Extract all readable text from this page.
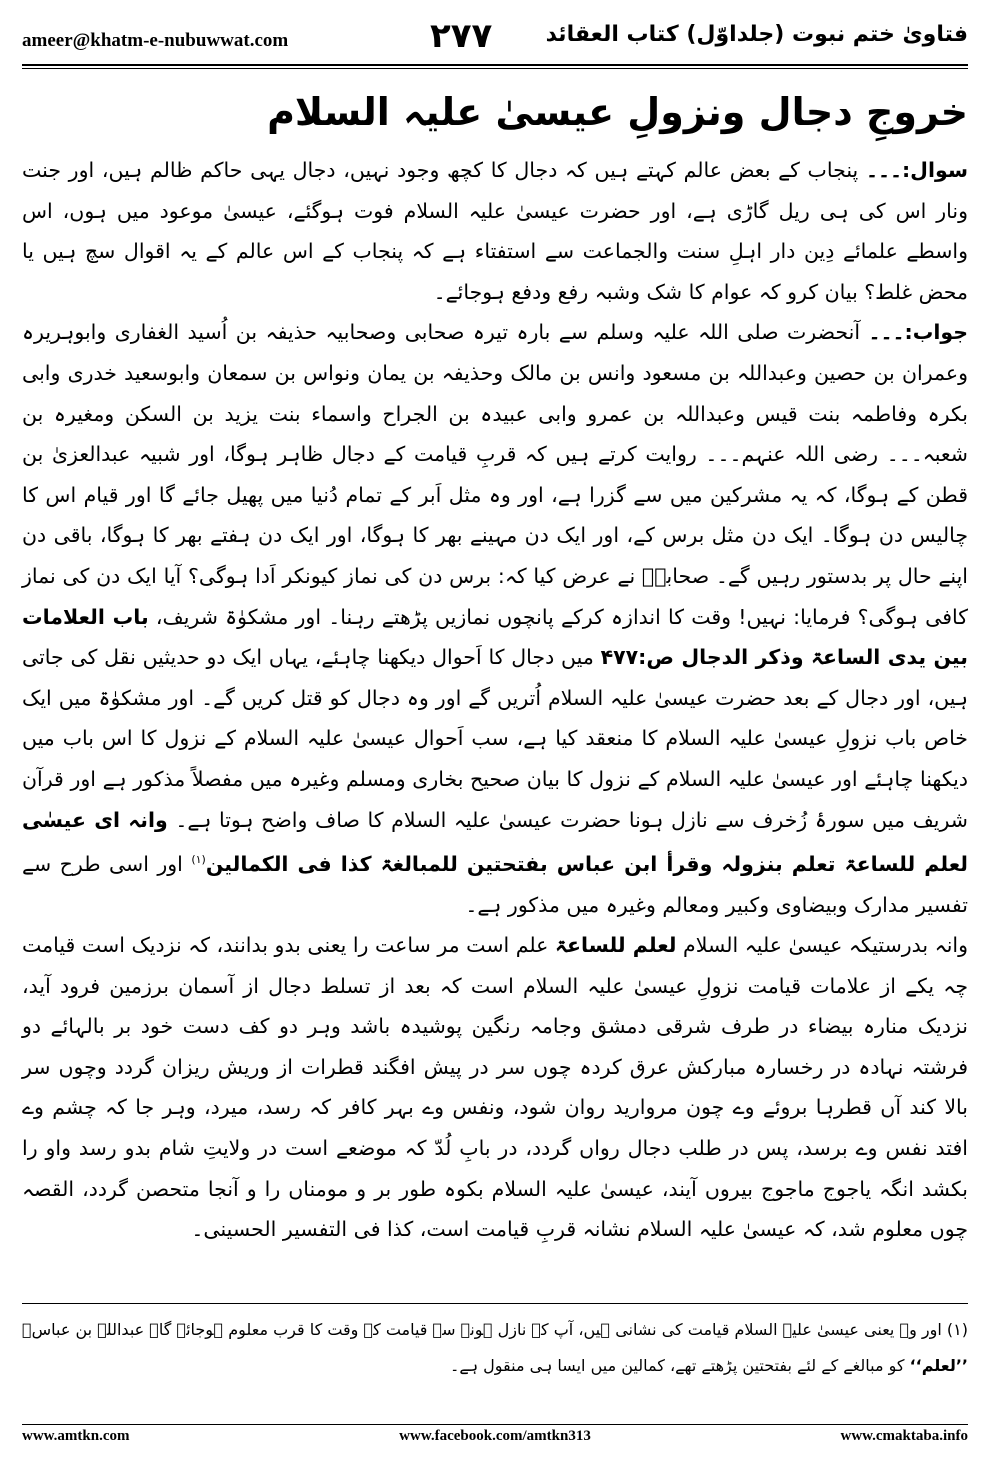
ameer@khatm-e-nubuwwat.com	۲۷۷ فتاویٰ ختم نبوت (جلداوّل) کتاب العقائد
خروجِ دجال ونزولِ عیسیٰ علیہ السلام

سوال:۔۔۔ پنجاب کے بعض عالم کہتے ہیں کہ دجال کا کچھ وجود نہیں، دجال یہی حاکم ظالم ہیں، اور جنت ونار اس کی ہی ریل گاڑی ہے، اور حضرت عیسیٰ علیہ السلام فوت ہوگئے، عیسیٰ موعود میں ہوں، اس واسطے علمائے دِین دار اہلِ سنت والجماعت سے استفتاء ہے کہ پنجاب کے اس عالم کے یہ اقوال سچ ہیں یا محض غلط؟ بیان کرو کہ عوام کا شک وشبہ رفع ودفع ہوجائے۔

جواب:۔۔۔ آنحضرت صلی اللہ علیہ وسلم سے بارہ تیرہ صحابی وصحابیہ حذیفہ بن اُسید الغفاری وابوہریرہ وعمران بن حصین وعبداللہ بن مسعود وانس بن مالک وحذیفہ بن یمان ونواس بن سمعان وابوسعید خدری وابی بکرہ وفاطمہ بنت قیس وعبداللہ بن عمرو وابی عبیدہ بن الجراح واسماء بنت یزید بن السکن ومغیرہ بن شعبہ۔۔۔ رضی اللہ عنہم۔۔۔ روایت کرتے ہیں کہ قربِ قیامت کے دجال ظاہر ہوگا، اور شبیہ عبدالعزیٰ بن قطن کے ہوگا، کہ یہ مشرکین میں سے گزرا ہے، اور وہ مثل اَبر کے تمام دُنیا میں پھیل جائے گا اور قیام اس کا چالیس دن ہوگا۔ ایک دن مثل برس کے، اور ایک دن مہینے بھر کا ہوگا، اور ایک دن ہفتے بھر کا ہوگا، باقی دن اپنے حال پر بدستور رہیں گے۔ صحابہؓ نے عرض کیا کہ: برس دن کی نماز کیونکر اَدا ہوگی؟ آیا ایک دن کی نماز کافی ہوگی؟ فرمایا: نہیں! وقت کا اندازہ کرکے پانچوں نمازیں پڑھتے رہنا۔ اور مشکوٰۃ شریف، باب العلامات بین یدی الساعۃ وذکر الدجال ص:۴۷۷ میں دجال کا اَحوال دیکھنا چاہئے، یہاں ایک دو حدیثیں نقل کی جاتی ہیں، اور دجال کے بعد حضرت عیسیٰ علیہ السلام اُتریں گے اور وہ دجال کو قتل کریں گے۔ اور مشکوٰۃ میں ایک خاص باب نزولِ عیسیٰ علیہ السلام کا منعقد کیا ہے، سب اَحوال عیسیٰ علیہ السلام کے نزول کا اس باب میں دیکھنا چاہئے اور عیسیٰ علیہ السلام کے نزول کا بیان صحیح بخاری ومسلم وغیرہ میں مفصلاً مذکور ہے اور قرآن شریف میں سورۂ زُخرف سے نازل ہونا حضرت عیسیٰ علیہ السلام کا صاف واضح ہوتا ہے۔ وانہ ای عیسٰی لعلم للساعۃ تعلم بنزولہ وقرأ ابن عباس بفتحتین للمبالغۃ کذا فی الکمالین$^{(۱)}$ اور اسی طرح سے تفسیر مدارک وبیضاوی وکبیر ومعالم وغیرہ میں مذکور ہے۔

وانہ بدرستیکہ عیسیٰ علیہ السلام لعلم للساعۃ علم است مر ساعت را یعنی بدو بدانند، کہ نزدیک است قیامت چہ یکے از علامات قیامت نزولِ عیسیٰ علیہ السلام است کہ بعد از تسلط دجال از آسمان برزمین فرود آید، نزدیک منارہ بیضاء در طرف شرقی دمشق وجامہ رنگین پوشیدہ باشد وہر دو کف دست خود بر بالہائے دو فرشتہ نہادہ در رخسارہ مبارکش عرق کردہ چوں سر در پیش افگند قطرات از وریش ریزان گردد وچوں سر بالا کند آں قطرہا بروئے وے چون مروارید روان شود، ونفس وے بہر کافر کہ رسد، میرد، وہر جا کہ چشم وے افتد نفس وے برسد، پس در طلب دجال رواں گردد، در بابِ لُدّ کہ موضعے است در ولایتِ شام بدو رسد واو را بکشد انگہ یاجوج ماجوج بیروں آیند، عیسیٰ علیہ السلام بکوہ طور بر و مومناں را و آنجا متحصن گردد، القصہ چوں معلوم شد، کہ عیسیٰ علیہ السلام نشانہ قربِ قیامت است، کذا فی التفسیر الحسینی۔

(۱) اور وہ یعنی عیسیٰ علیہ السلام قیامت کی نشانی ہیں، آپ کے نازل ہونے سے قیامت کے وقت کا قرب معلوم ہوجائے گا۔ عبداللہ بن عباسؓ ’’لعلم‘‘ کو مبالغے کے لئے بفتحتین پڑھتے تھے، کمالین میں ایسا ہی منقول ہے۔
www.amtkn.com	www.facebook.com/amtkn313	www.cmaktaba.info
